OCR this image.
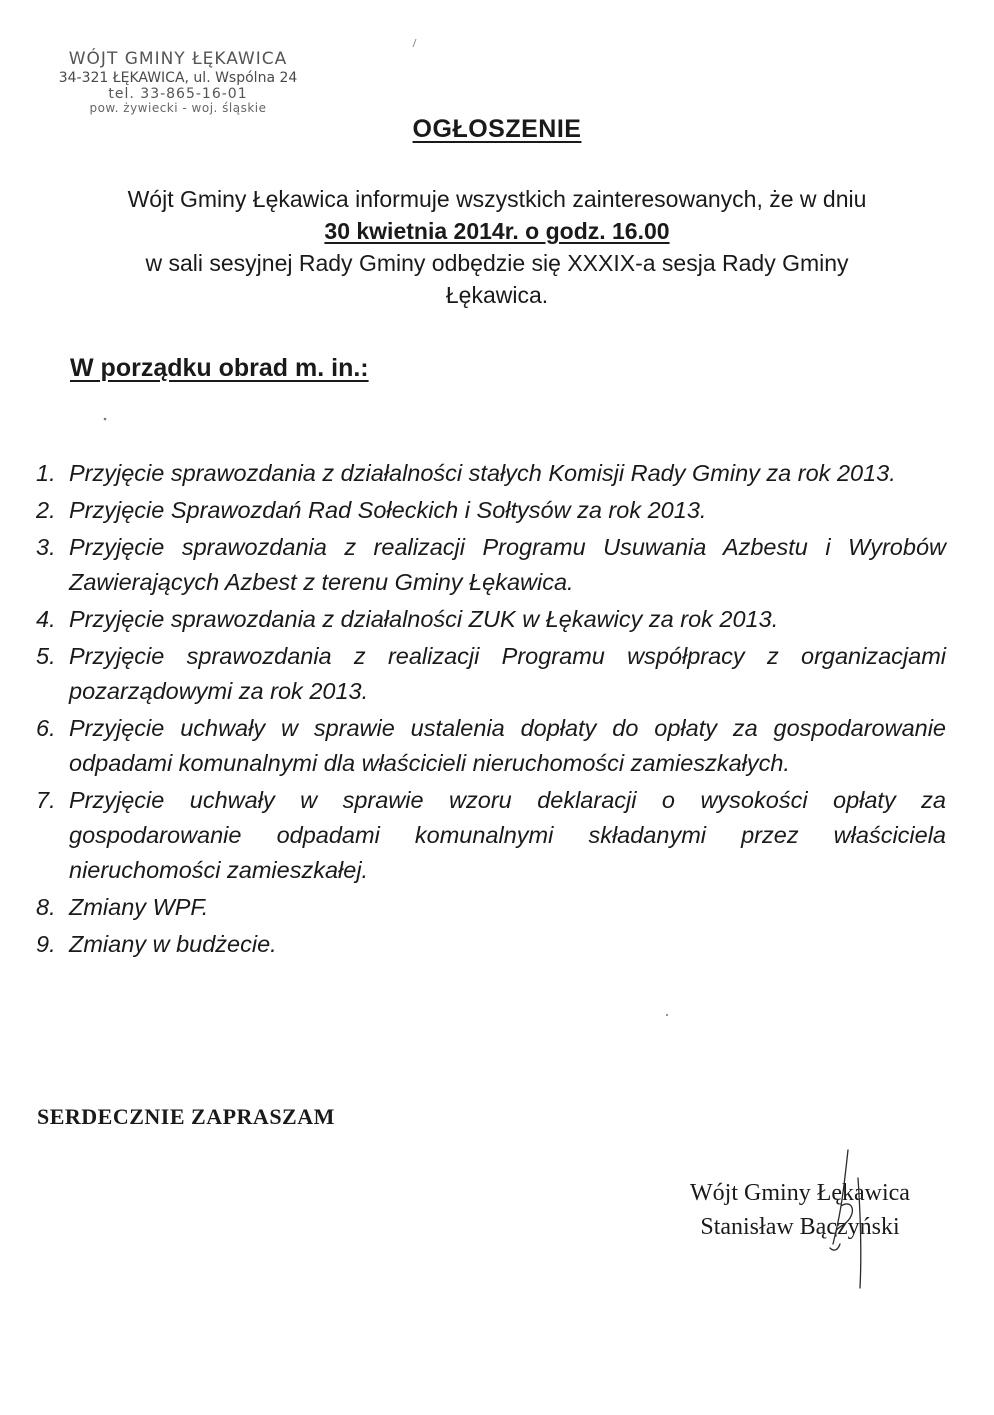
WÓJT GMINY ŁĘKAWICA
34-321 ŁĘKAWICA, ul. Wspólna 24
tel. 33-865-16-01
pow. żywiecki - woj. śląskie
OGŁOSZENIE
Wójt Gminy Łękawica informuje wszystkich zainteresowanych, że w dniu
30 kwietnia 2014r. o godz. 16.00
w sali sesyjnej Rady Gminy odbędzie się XXXIX-a sesja Rady Gminy
Łękawica.
W porządku obrad m. in.:
1. Przyjęcie sprawozdania z działalności stałych Komisji Rady Gminy za rok 2013.
2. Przyjęcie Sprawozdań Rad Sołeckich i Sołtysów za rok 2013.
3. Przyjęcie sprawozdania z realizacji Programu Usuwania Azbestu i Wyrobów Zawierających Azbest z terenu Gminy Łękawica.
4. Przyjęcie sprawozdania z działalności ZUK w Łękawicy za rok 2013.
5. Przyjęcie sprawozdania z realizacji Programu współpracy z organizacjami pozarządowymi za rok 2013.
6. Przyjęcie uchwały w sprawie ustalenia dopłaty do opłaty za gospodarowanie odpadami komunalnymi dla właścicieli nieruchomości zamieszkałych.
7. Przyjęcie uchwały w sprawie wzoru deklaracji o wysokości opłaty za gospodarowanie odpadami komunalnymi składanymi przez właściciela nieruchomości zamieszkałej.
8. Zmiany WPF.
9. Zmiany w budżecie.
SERDECZNIE ZAPRASZAM
Wójt Gminy Łękawica
Stanisław Bączyński
